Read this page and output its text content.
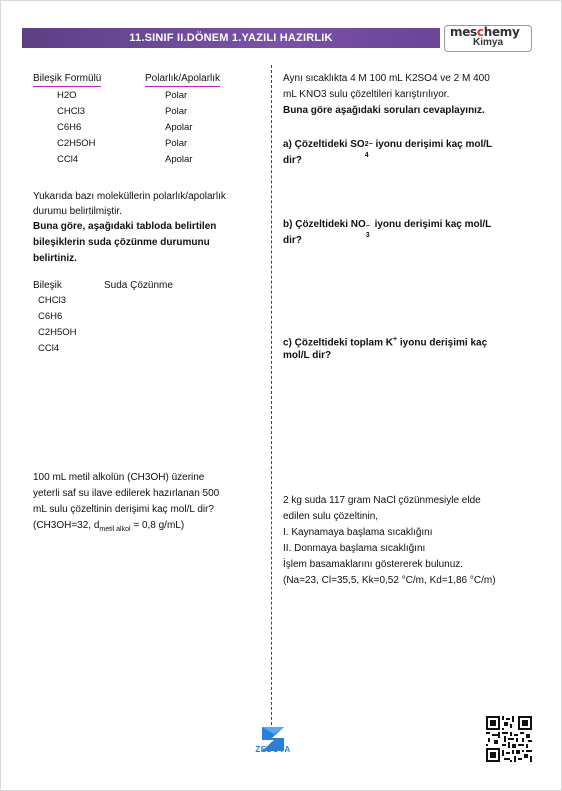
11.SINIF II.DÖNEM 1.YAZILI HAZIRLIK	meschemy
Kimya
Bileşik Formülü	Polarlık/Apolarlık
H2O	Polar
CHCl3	Polar
C6H6	Apolar
C2H5OH	Polar
CCl4	Apolar
Yukarıda bazı moleküllerin polarlık/apolarlık
durumu belirtilmiştir.
Buna göre, aşağıdaki tabloda belirtilen
bileşiklerin suda çözünme durumunu
belirtiniz.
Bileşik	Suda Çözünme
CHCl3
C6H6
C2H5OH
CCl4
100 mL metil alkolün (CH3OH) üzerine
yeterli saf su ilave edilerek hazırlanan 500
mL sulu çözeltinin derişimi kaç mol/L dir?
(CH3OH=32, $d_{metil alkol} = 0,8$ g/mL)
Aynı sıcaklıkta 4 M 100 mL K2SO4 ve 2 M 400
mL KNO3 sulu çözeltileri karıştırılıyor.
Buna göre aşağıdaki soruları cevaplayınız.
a) Çözeltideki SO 2−
4
iyonu derişimi kaç mol/L
dir?
b) Çözeltideki NO −
3
iyonu derişimi kaç mol/L
dir?
c) Çözeltideki toplam K+ iyonu derişimi kaç
mol/L dir?
2 kg suda 117 gram NaCl çözünmesiyle elde
edilen sulu çözeltinin,
I. Kaynamaya başlama sıcaklığını
II. Donmaya başlama sıcaklığını
İşlem basamaklarını göstererek bulunuz.
(Na=23, Cl=35,5, Kk=0,52 °C/m, Kd=1,86 °C/m)
ZEDUVA
